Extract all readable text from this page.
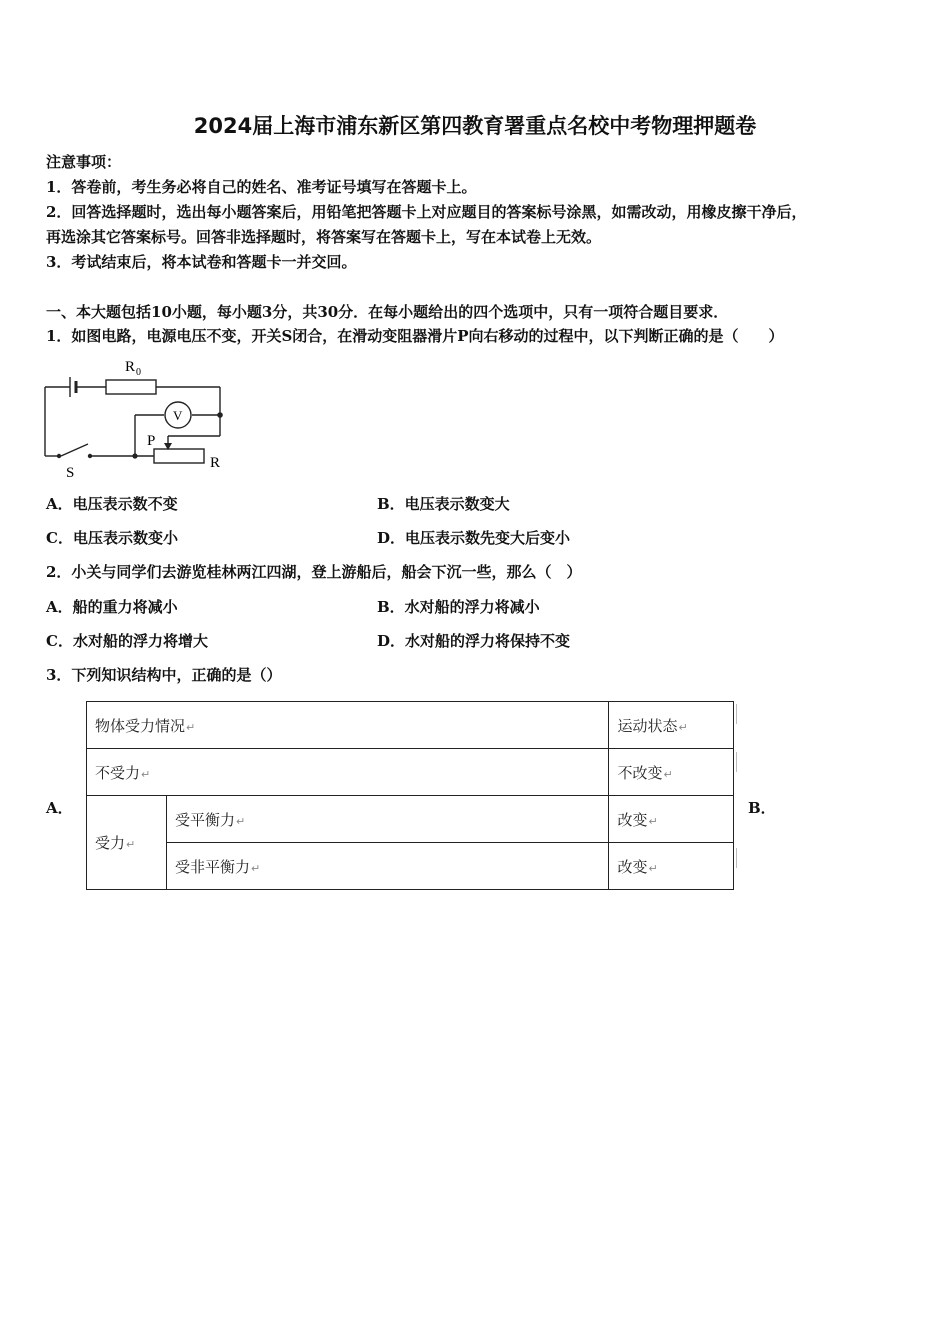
2024届上海市浦东新区第四教育署重点名校中考物理押题卷
注意事项：
1．答卷前，考生务必将自己的姓名、准考证号填写在答题卡上。
2．回答选择题时，选出每小题答案后，用铅笔把答题卡上对应题目的答案标号涂黑，如需改动，用橡皮擦干净后，
再选涂其它答案标号。回答非选择题时，将答案写在答题卡上，写在本试卷上无效。
3．考试结束后，将本试卷和答题卡一并交回。
一、本大题包括10小题，每小题3分，共30分．在每小题给出的四个选项中，只有一项符合题目要求．
1．如图电路，电源电压不变，开关S闭合，在滑动变阻器滑片P向右移动的过程中，以下判断正确的是（　　）
R 0
V
P
R
S
A．电压表示数不变	B．电压表示数变大
C．电压表示数变小	D．电压表示数先变大后变小
2．小关与同学们去游览桂林两江四湖，登上游船后，船会下沉一些，那么（　）
A．船的重力将减小	B．水对船的浮力将减小
C．水对船的浮力将增大	D．水对船的浮力将保持不变
3．下列知识结构中，正确的是（）
A．	B．
物体受力情况↵		运动状态↵
不受力↵		不改变↵
受力↵	受平衡力↵	改变↵
	受非平衡力↵	改变↵
